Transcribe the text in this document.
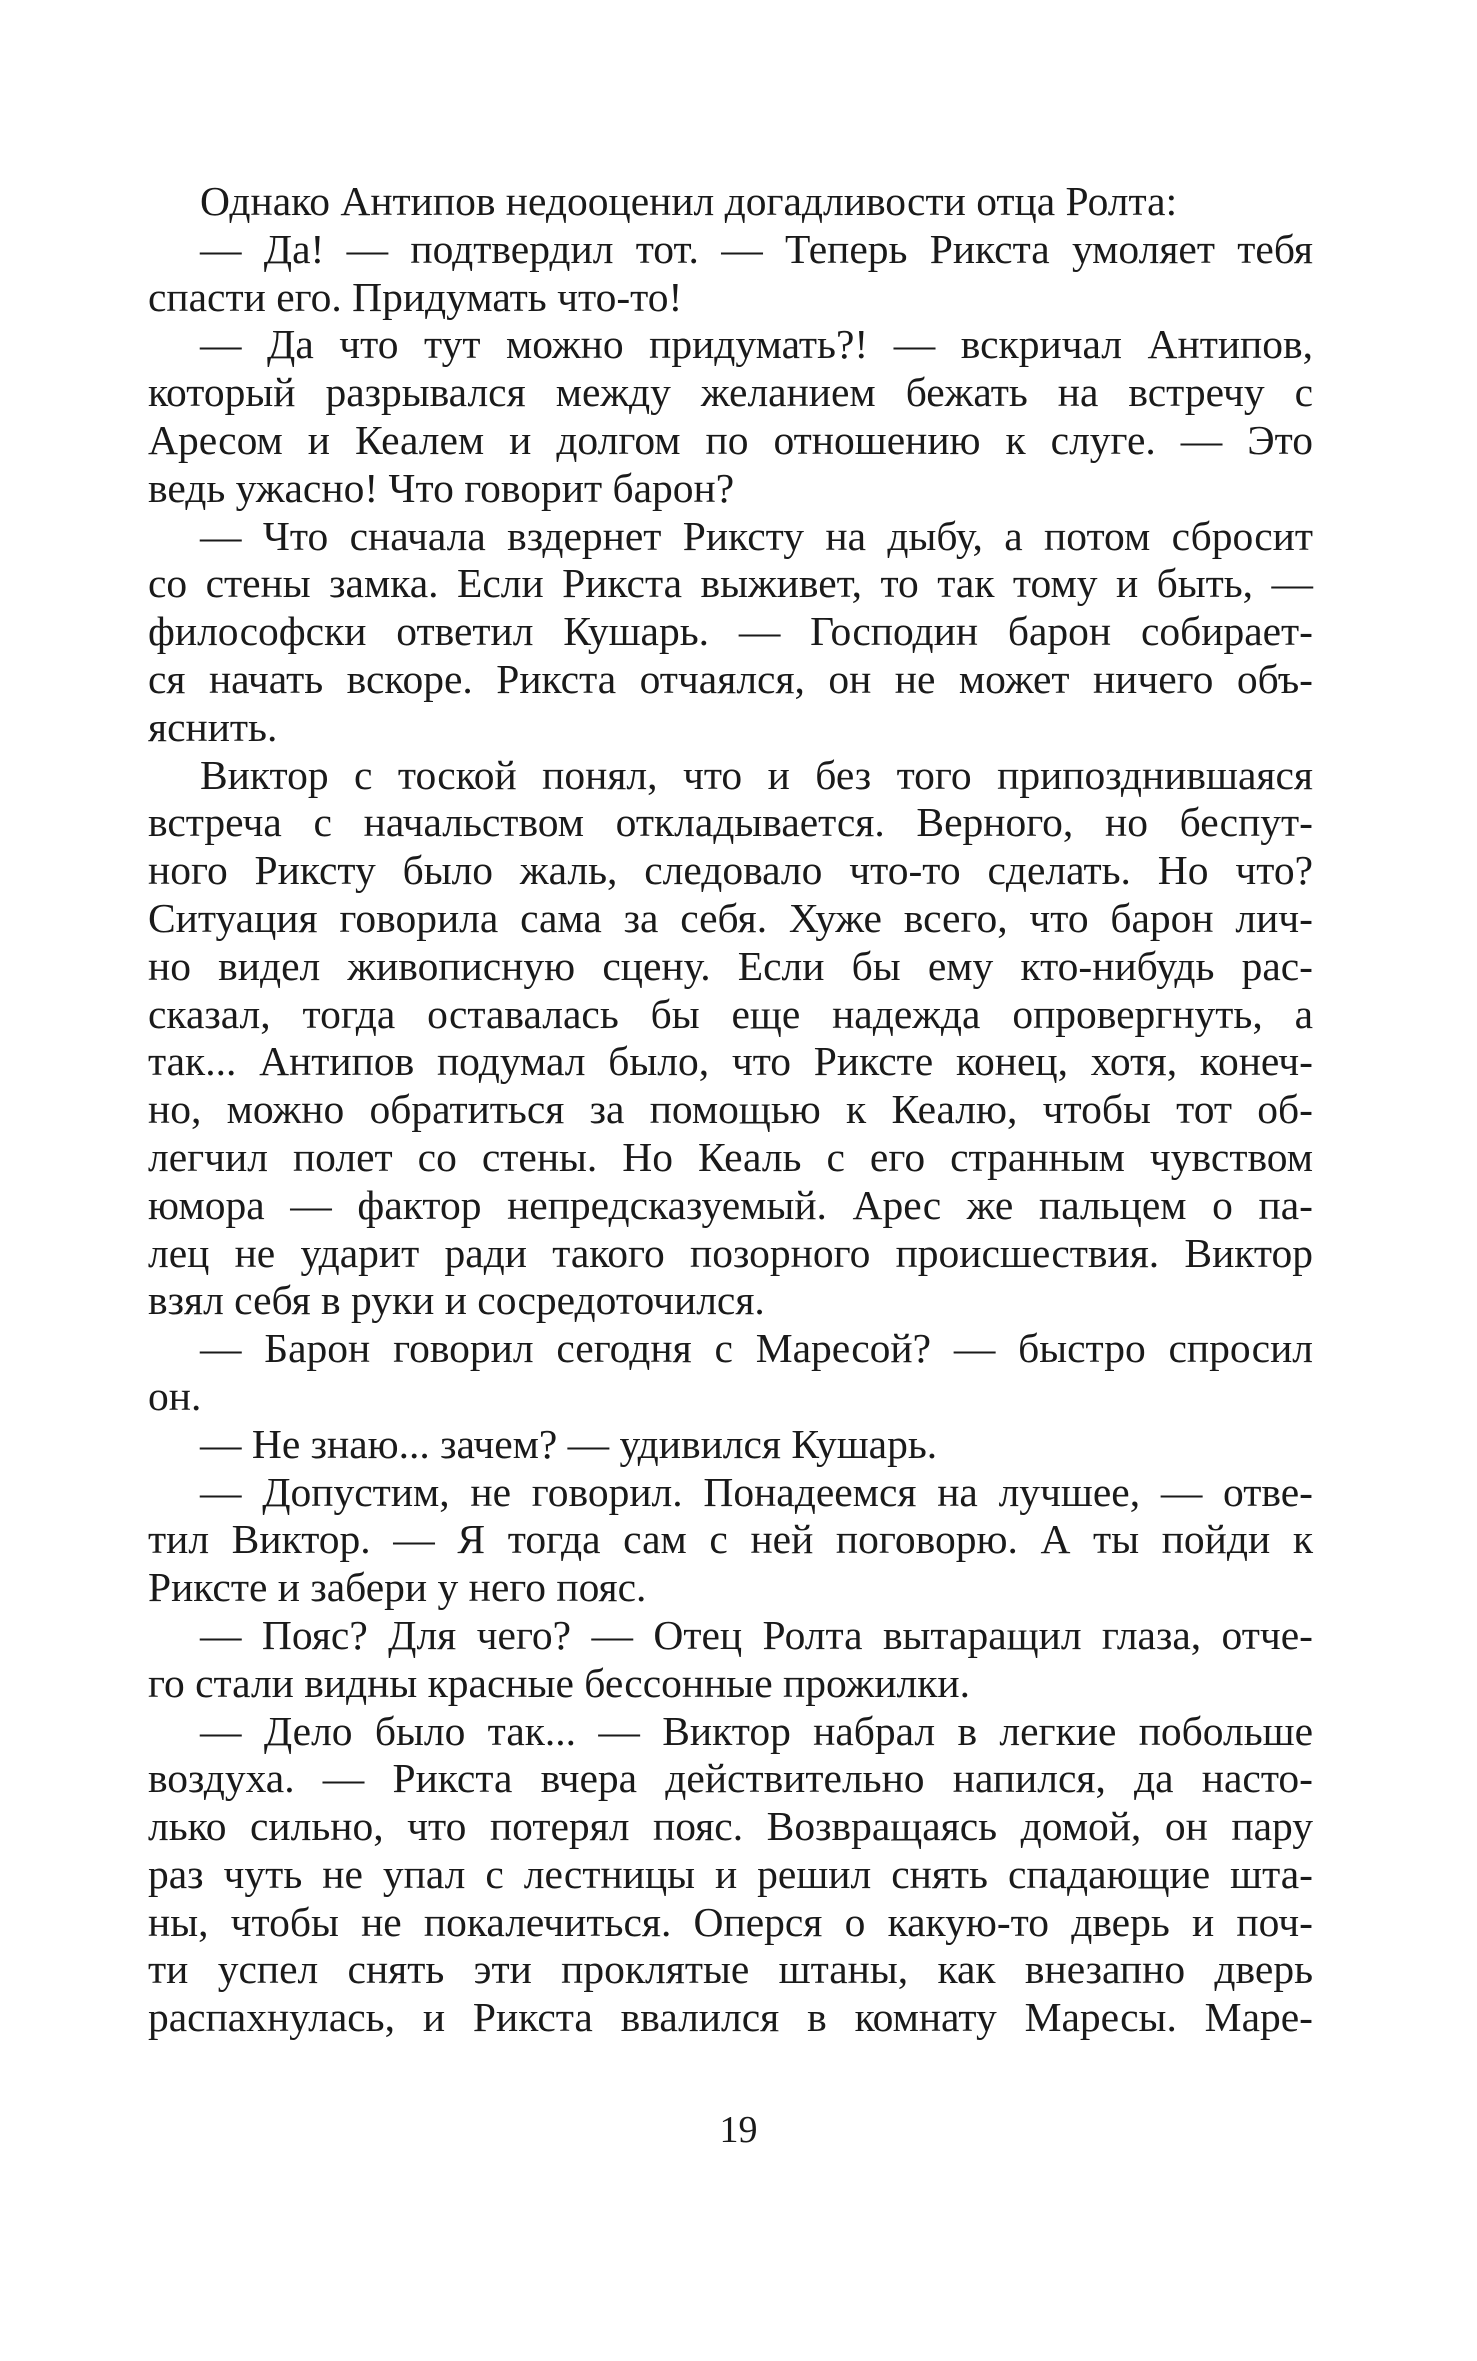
Однако Антипов недооценил догадливости отца Ролта:
— Да! — подтвердил тот. — Теперь Рикста умоляет тебя
спасти его. Придумать что-то!
— Да что тут можно придумать?! — вскричал Антипов,
который разрывался между желанием бежать на встречу с
Аресом и Кеалем и долгом по отношению к слуге. — Это
ведь ужасно! Что говорит барон?
— Что сначала вздернет Риксту на дыбу, а потом сбросит
со стены замка. Если Рикста выживет, то так тому и быть, —
философски ответил Кушарь. — Господин барон собирает-
ся начать вскоре. Рикста отчаялся, он не может ничего объ-
яснить.
Виктор с тоской понял, что и без того припозднившаяся
встреча с начальством откладывается. Верного, но беспут-
ного Риксту было жаль, следовало что-то сделать. Но что?
Ситуация говорила сама за себя. Хуже всего, что барон лич-
но видел живописную сцену. Если бы ему кто-нибудь рас-
сказал, тогда оставалась бы еще надежда опровергнуть, а
так... Антипов подумал было, что Риксте конец, хотя, конеч-
но, можно обратиться за помощью к Кеалю, чтобы тот об-
легчил полет со стены. Но Кеаль с его странным чувством
юмора — фактор непредсказуемый. Арес же пальцем о па-
лец не ударит ради такого позорного происшествия. Виктор
взял себя в руки и сосредоточился.
— Барон говорил сегодня с Маресой? — быстро спросил
он.
— Не знаю... зачем? — удивился Кушарь.
— Допустим, не говорил. Понадеемся на лучшее, — отве-
тил Виктор. — Я тогда сам с ней поговорю. А ты пойди к
Риксте и забери у него пояс.
— Пояс? Для чего? — Отец Ролта вытаращил глаза, отче-
го стали видны красные бессонные прожилки.
— Дело было так... — Виктор набрал в легкие побольше
воздуха. — Рикста вчера действительно напился, да насто-
лько сильно, что потерял пояс. Возвращаясь домой, он пару
раз чуть не упал с лестницы и решил снять спадающие шта-
ны, чтобы не покалечиться. Оперся о какую-то дверь и поч-
ти успел снять эти проклятые штаны, как внезапно дверь
распахнулась, и Рикста ввалился в комнату Маресы. Маре-
19
